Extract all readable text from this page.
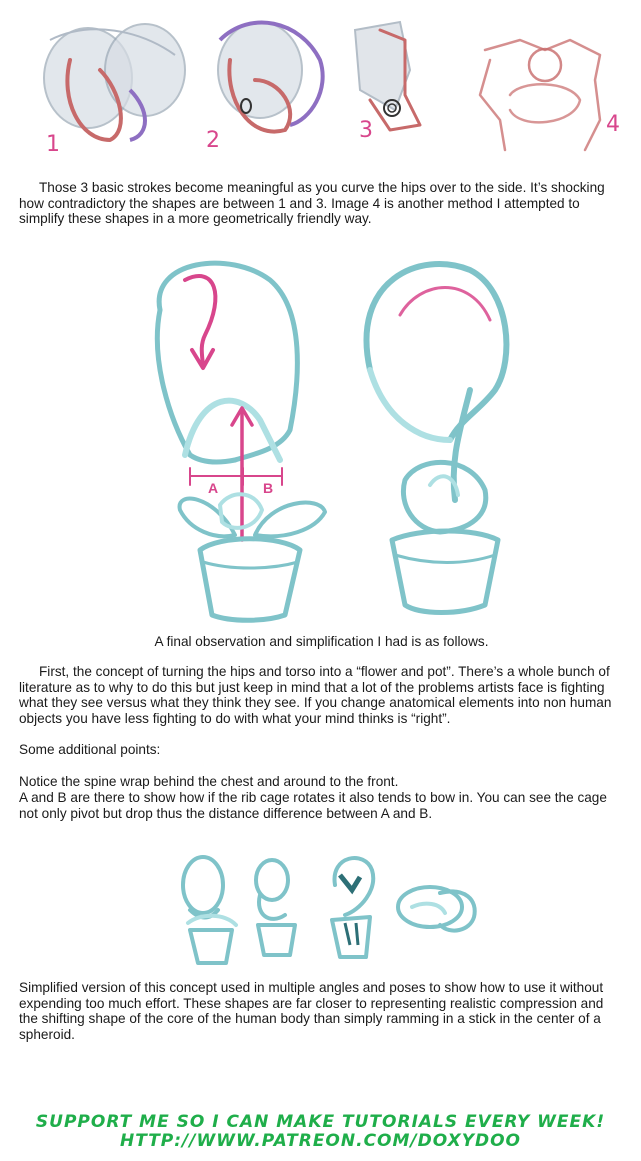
1	2	3	4

Those 3 basic strokes become meaningful as you curve the hips over to the side. It’s shocking how contradictory the shapes are between 1 and 3. Image 4 is another method I attempted to simplify these shapes in a more geometrically friendly way.

A	B

A final observation and simplification I had is as follows.

First, the concept of turning the hips and torso into a “flower and pot”. There’s a whole bunch of literature as to why to do this but just keep in mind that a lot of the problems artists face is fighting what they see versus what they think they see. If you change anatomical elements into non human objects you have less fighting to do with what your mind thinks is “right”.

Some additional points:

Notice the spine wrap behind the chest and around to the front.

A and B are there to show how if the rib cage rotates it also tends to bow in. You can see the cage not only pivot but drop thus the distance difference between A and B.

Simplified version of this concept used in multiple angles and poses to show how to use it without expending too much effort. These shapes are far closer to representing realistic compression and the shifting shape of the core of the human body than simply ramming in a stick in the center of a spheroid.

SUPPORT ME SO I CAN MAKE TUTORIALS EVERY WEEK!
HTTP://WWW.PATREON.COM/DOXYDOO
